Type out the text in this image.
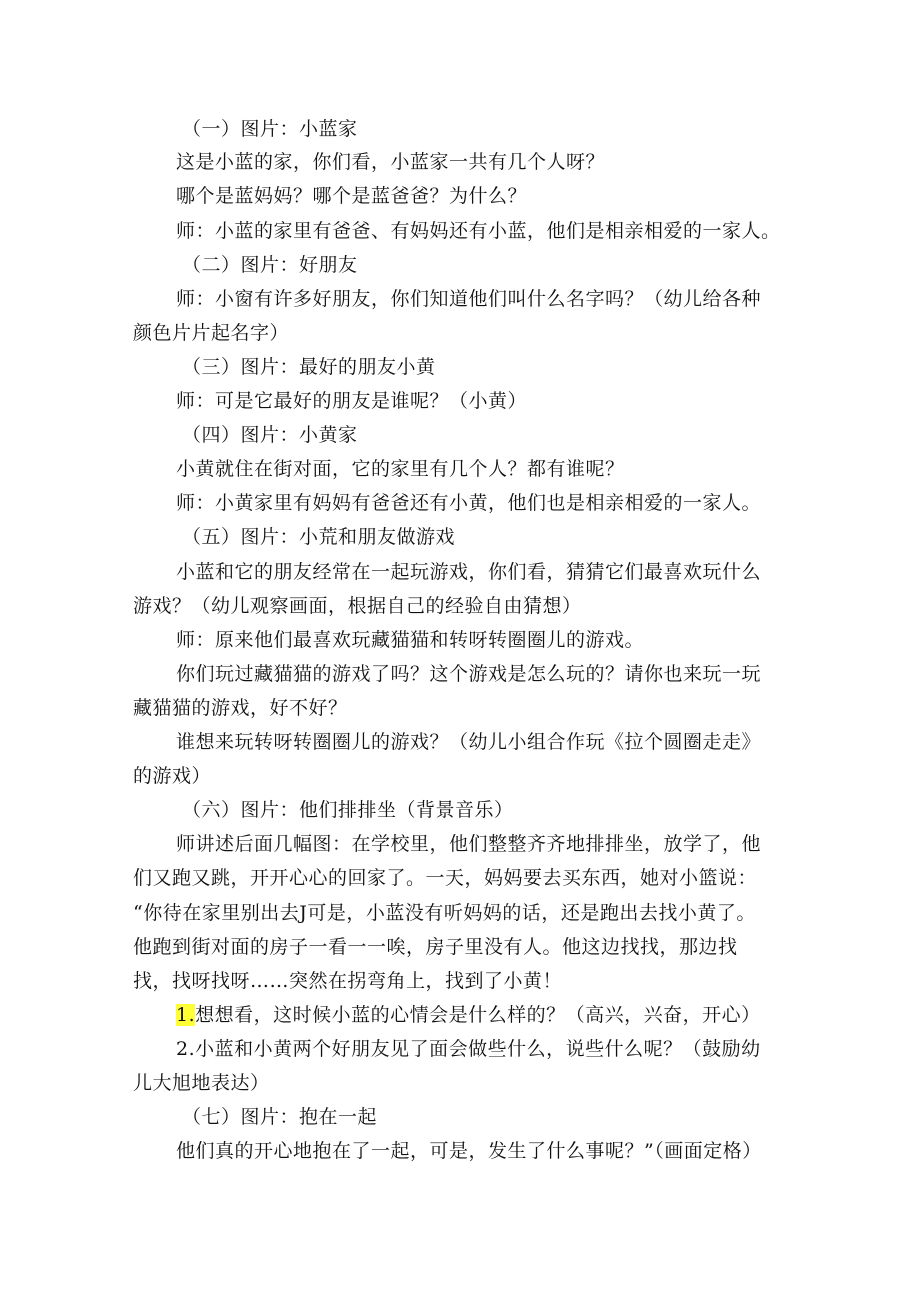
（一）图片：小蓝家
这是小蓝的家，你们看，小蓝家一共有几个人呀？
哪个是蓝妈妈？哪个是蓝爸爸？为什么？
师：小蓝的家里有爸爸、有妈妈还有小蓝，他们是相亲相爱的一家人。
（二）图片：好朋友
师：小窗有许多好朋友，你们知道他们叫什么名字吗？（幼儿给各种
颜色片片起名字）
（三）图片：最好的朋友小黄
师：可是它最好的朋友是谁呢？（小黄）
（四）图片：小黄家
小黄就住在街对面，它的家里有几个人？都有谁呢？
师：小黄家里有妈妈有爸爸还有小黄，他们也是相亲相爱的一家人。
（五）图片：小荒和朋友做游戏
小蓝和它的朋友经常在一起玩游戏，你们看，猜猜它们最喜欢玩什么
游戏？（幼儿观察画面，根据自己的经验自由猜想）
师：原来他们最喜欢玩藏猫猫和转呀转圈圈儿的游戏。
你们玩过藏猫猫的游戏了吗？这个游戏是怎么玩的？请你也来玩一玩
藏猫猫的游戏，好不好？
谁想来玩转呀转圈圈儿的游戏？（幼儿小组合作玩《拉个圆圈走走》
的游戏）
（六）图片：他们排排坐（背景音乐）
师讲述后面几幅图：在学校里，他们整整齐齐地排排坐，放学了，他
们又跑又跳，开开心心的回家了。一天，妈妈要去买东西，她对小篮说：
“你待在家里别出去J可是，小蓝没有听妈妈的话，还是跑出去找小黄了。
他跑到街对面的房子一看一一唉，房子里没有人。他这边找找，那边找
找，找呀找呀……突然在拐弯角上，找到了小黄！
1.想想看，这时候小蓝的心情会是什么样的？（高兴，兴奋，开心）
2.小蓝和小黄两个好朋友见了面会做些什么，说些什么呢？（鼓励幼
儿大旭地表达）
（七）图片：抱在一起
他们真的开心地抱在了一起，可是，发生了什么事呢？”（画面定格）
